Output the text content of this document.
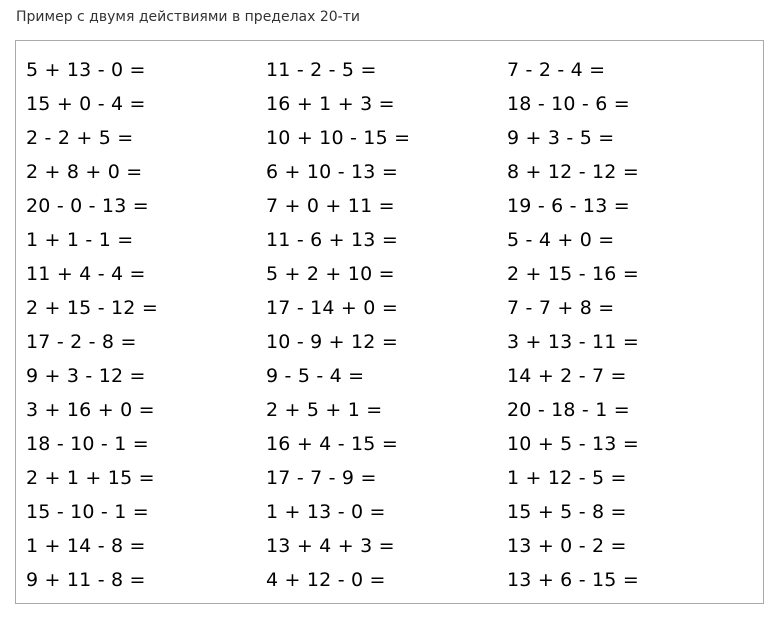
Пример с двумя действиями в пределах 20-ти
5 + 13 - 0 =
15 + 0 - 4 =
2 - 2 + 5 =
2 + 8 + 0 =
20 - 0 - 13 =
1 + 1 - 1 =
11 + 4 - 4 =
2 + 15 - 12 =
17 - 2 - 8 =
9 + 3 - 12 =
3 + 16 + 0 =
18 - 10 - 1 =
2 + 1 + 15 =
15 - 10 - 1 =
1 + 14 - 8 =
9 + 11 - 8 =
11 - 2 - 5 =
16 + 1 + 3 =
10 + 10 - 15 =
6 + 10 - 13 =
7 + 0 + 11 =
11 - 6 + 13 =
5 + 2 + 10 =
17 - 14 + 0 =
10 - 9 + 12 =
9 - 5 - 4 =
2 + 5 + 1 =
16 + 4 - 15 =
17 - 7 - 9 =
1 + 13 - 0 =
13 + 4 + 3 =
4 + 12 - 0 =
7 - 2 - 4 =
18 - 10 - 6 =
9 + 3 - 5 =
8 + 12 - 12 =
19 - 6 - 13 =
5 - 4 + 0 =
2 + 15 - 16 =
7 - 7 + 8 =
3 + 13 - 11 =
14 + 2 - 7 =
20 - 18 - 1 =
10 + 5 - 13 =
1 + 12 - 5 =
15 + 5 - 8 =
13 + 0 - 2 =
13 + 6 - 15 =
